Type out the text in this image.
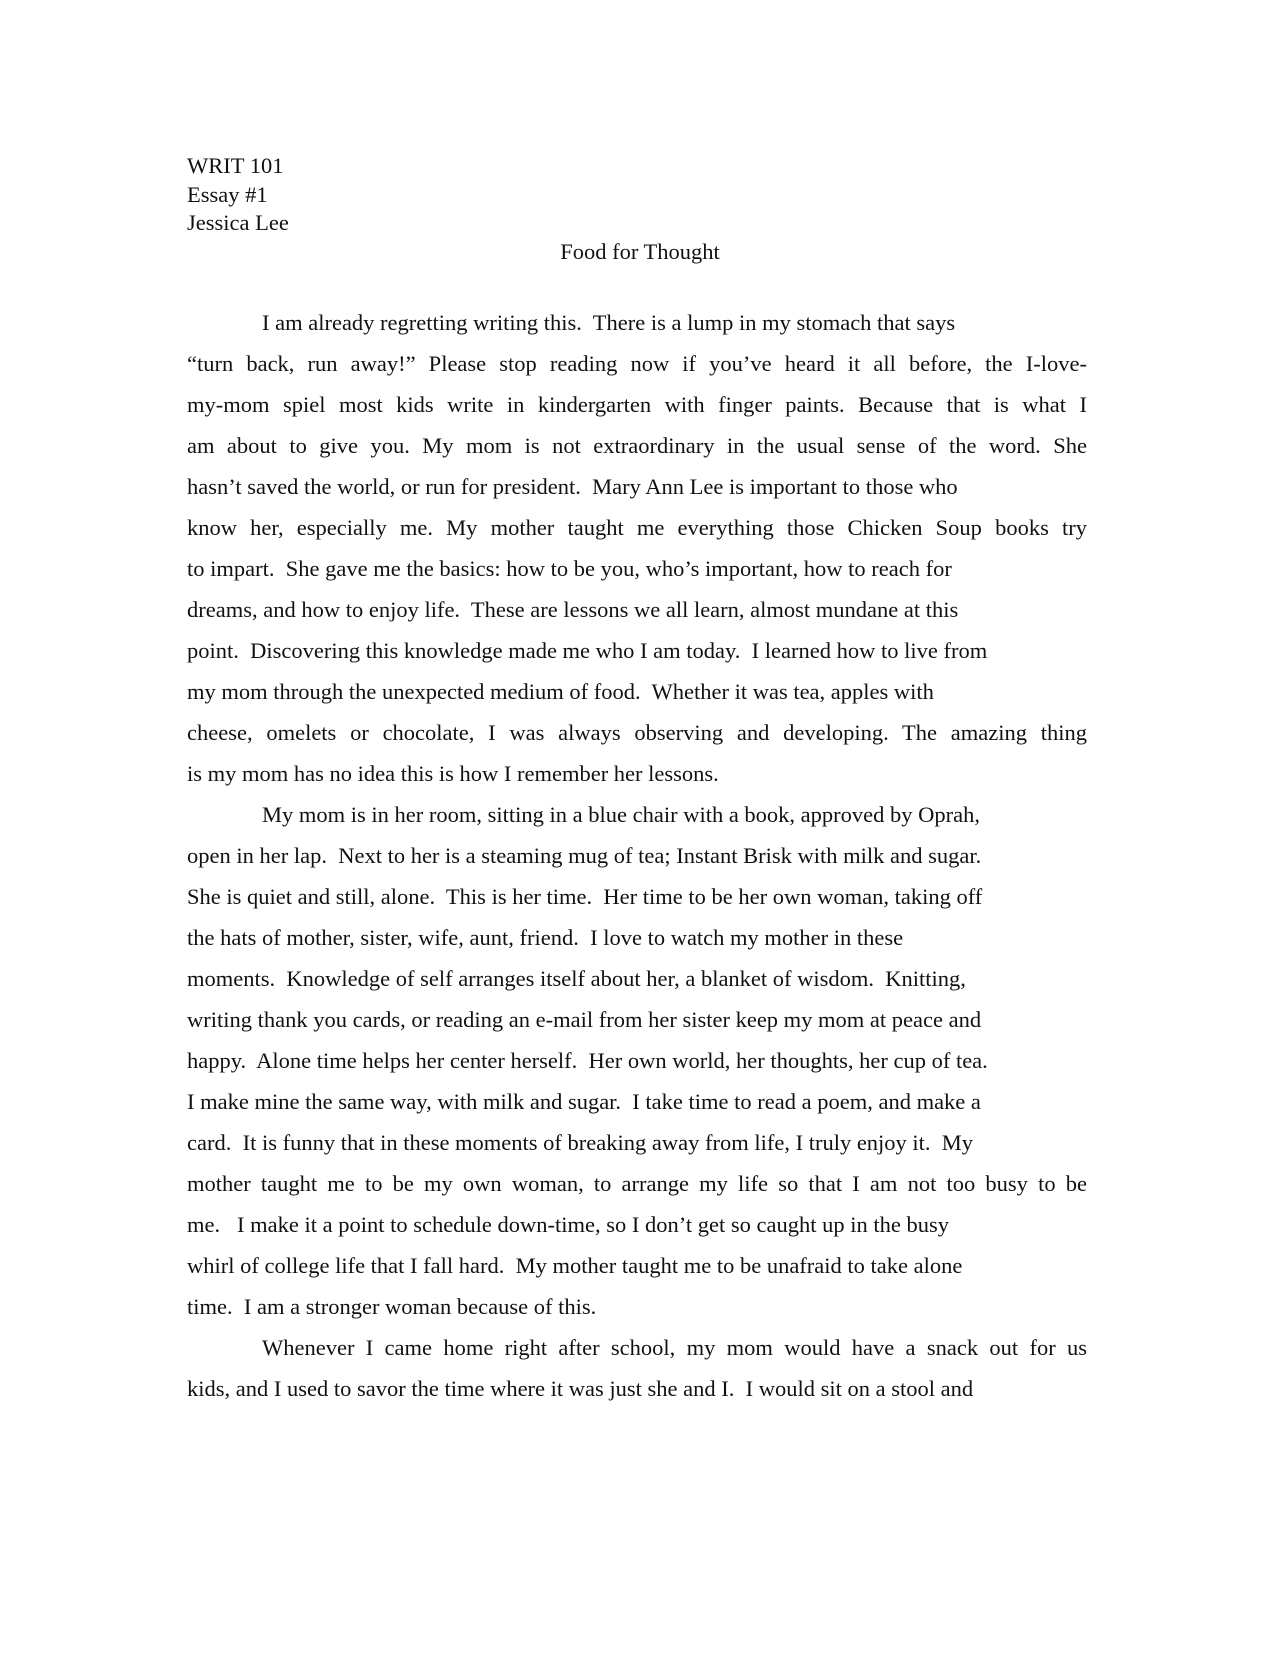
WRIT 101
Essay #1
Jessica Lee
Food for Thought
I am already regretting writing this.  There is a lump in my stomach that says
“turn back, run away!” Please stop reading now if you’ve heard it all before, the I-love-
my-mom spiel most kids write in kindergarten with finger paints. Because that is what I
am about to give you. My mom is not extraordinary in the usual sense of the word. She
hasn’t saved the world, or run for president.  Mary Ann Lee is important to those who
know her, especially me. My mother taught me everything those Chicken Soup books try
to impart.  She gave me the basics: how to be you, who’s important, how to reach for
dreams, and how to enjoy life.  These are lessons we all learn, almost mundane at this
point.  Discovering this knowledge made me who I am today.  I learned how to live from
my mom through the unexpected medium of food.  Whether it was tea, apples with
cheese, omelets or chocolate, I was always observing and developing. The amazing thing
is my mom has no idea this is how I remember her lessons.
My mom is in her room, sitting in a blue chair with a book, approved by Oprah,
open in her lap.  Next to her is a steaming mug of tea; Instant Brisk with milk and sugar.
She is quiet and still, alone.  This is her time.  Her time to be her own woman, taking off
the hats of mother, sister, wife, aunt, friend.  I love to watch my mother in these
moments.  Knowledge of self arranges itself about her, a blanket of wisdom.  Knitting,
writing thank you cards, or reading an e-mail from her sister keep my mom at peace and
happy.  Alone time helps her center herself.  Her own world, her thoughts, her cup of tea.
I make mine the same way, with milk and sugar.  I take time to read a poem, and make a
card.  It is funny that in these moments of breaking away from life, I truly enjoy it.  My
mother taught me to be my own woman, to arrange my life so that I am not too busy to be
me.   I make it a point to schedule down-time, so I don’t get so caught up in the busy
whirl of college life that I fall hard.  My mother taught me to be unafraid to take alone
time.  I am a stronger woman because of this.
Whenever I came home right after school, my mom would have a snack out for us
kids, and I used to savor the time where it was just she and I.  I would sit on a stool and
